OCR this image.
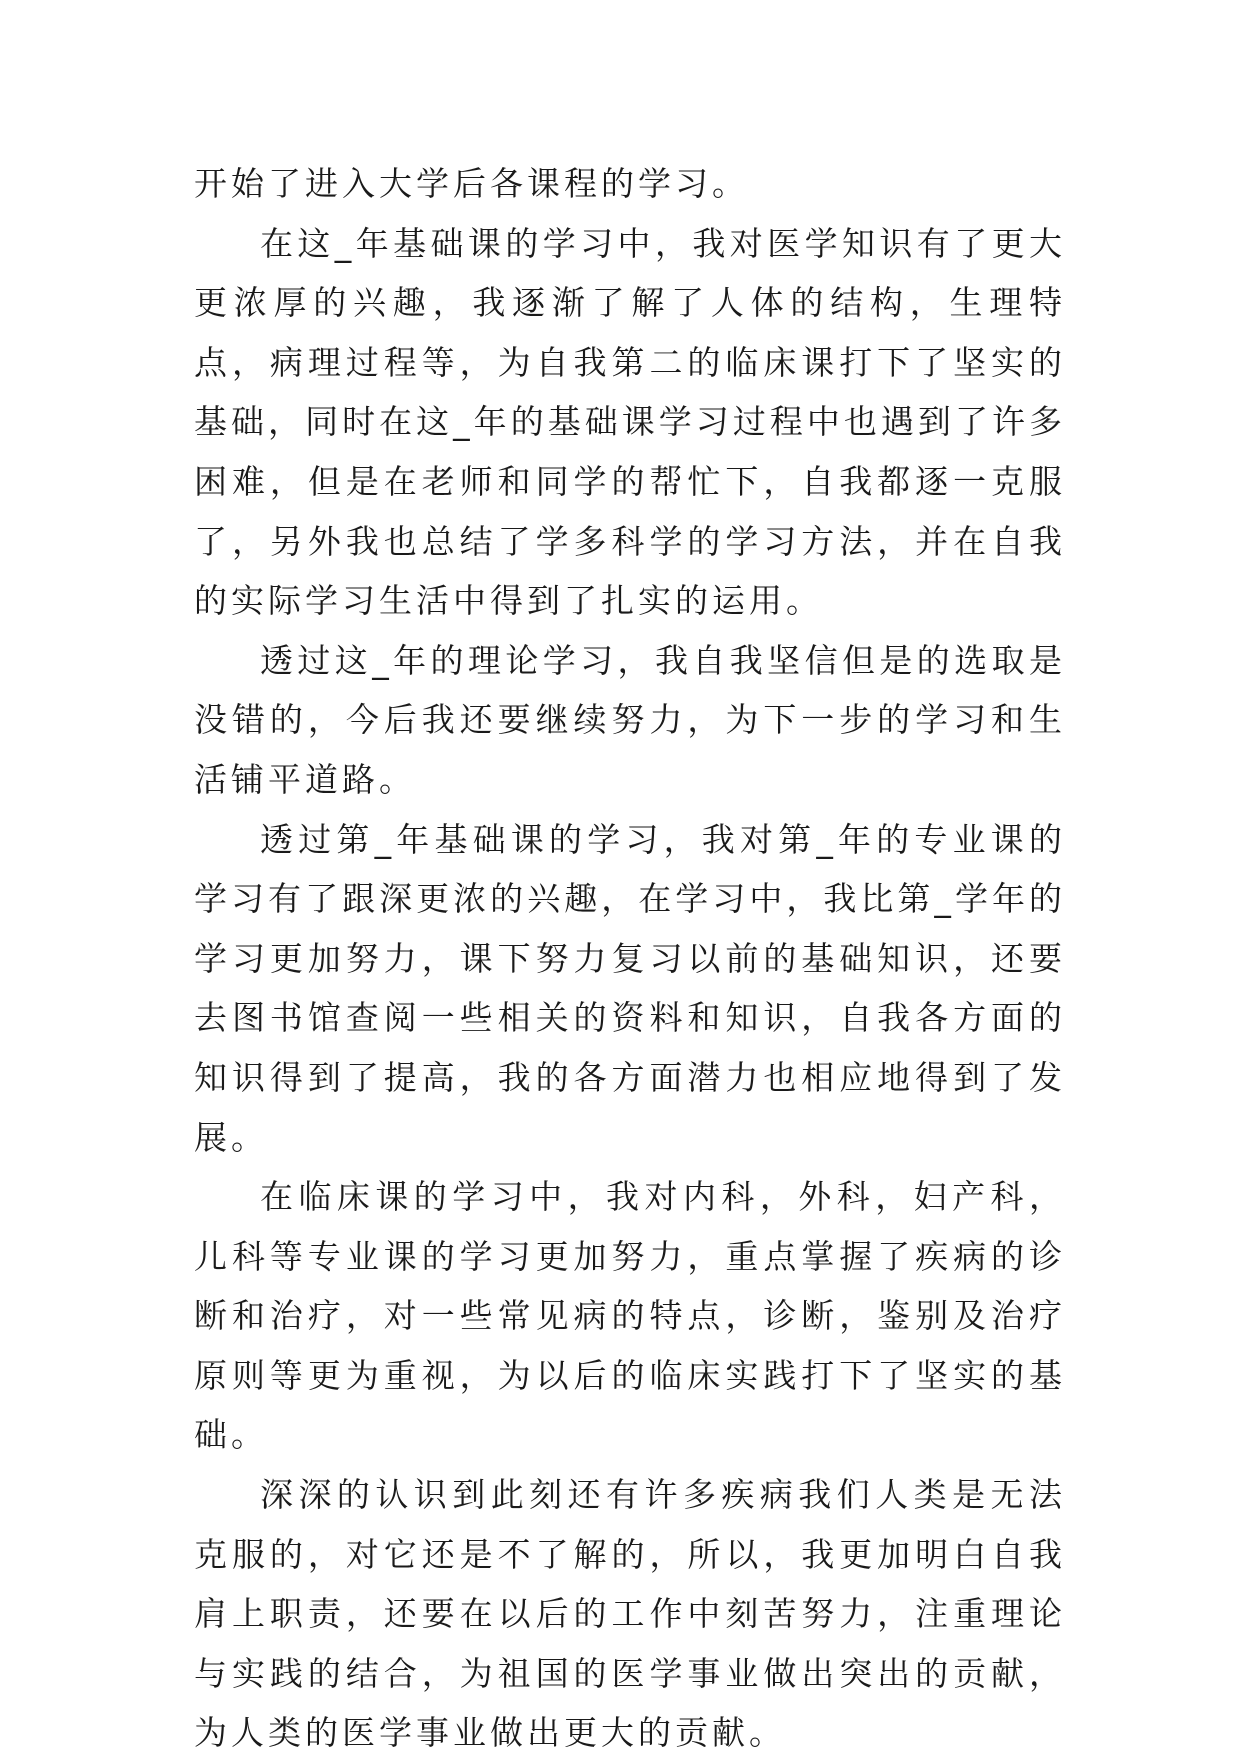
开始了进入大学后各课程的学习。

在这_年基础课的学习中，我对医学知识有了更大更浓厚的兴趣，我逐渐了解了人体的结构，生理特点，病理过程等，为自我第二的临床课打下了坚实的基础，同时在这_年的基础课学习过程中也遇到了许多困难，但是在老师和同学的帮忙下，自我都逐一克服了，另外我也总结了学多科学的学习方法，并在自我的实际学习生活中得到了扎实的运用。

透过这_年的理论学习，我自我坚信但是的选取是没错的，今后我还要继续努力，为下一步的学习和生活铺平道路。

透过第_年基础课的学习，我对第_年的专业课的学习有了跟深更浓的兴趣，在学习中，我比第_学年的学习更加努力，课下努力复习以前的基础知识，还要去图书馆查阅一些相关的资料和知识，自我各方面的知识得到了提高，我的各方面潜力也相应地得到了发展。

在临床课的学习中，我对内科，外科，妇产科，儿科等专业课的学习更加努力，重点掌握了疾病的诊断和治疗，对一些常见病的特点，诊断，鉴别及治疗原则等更为重视，为以后的临床实践打下了坚实的基础。

深深的认识到此刻还有许多疾病我们人类是无法克服的，对它还是不了解的，所以，我更加明白自我肩上职责，还要在以后的工作中刻苦努力，注重理论与实践的结合，为祖国的医学事业做出突出的贡献，为人类的医学事业做出更大的贡献。
